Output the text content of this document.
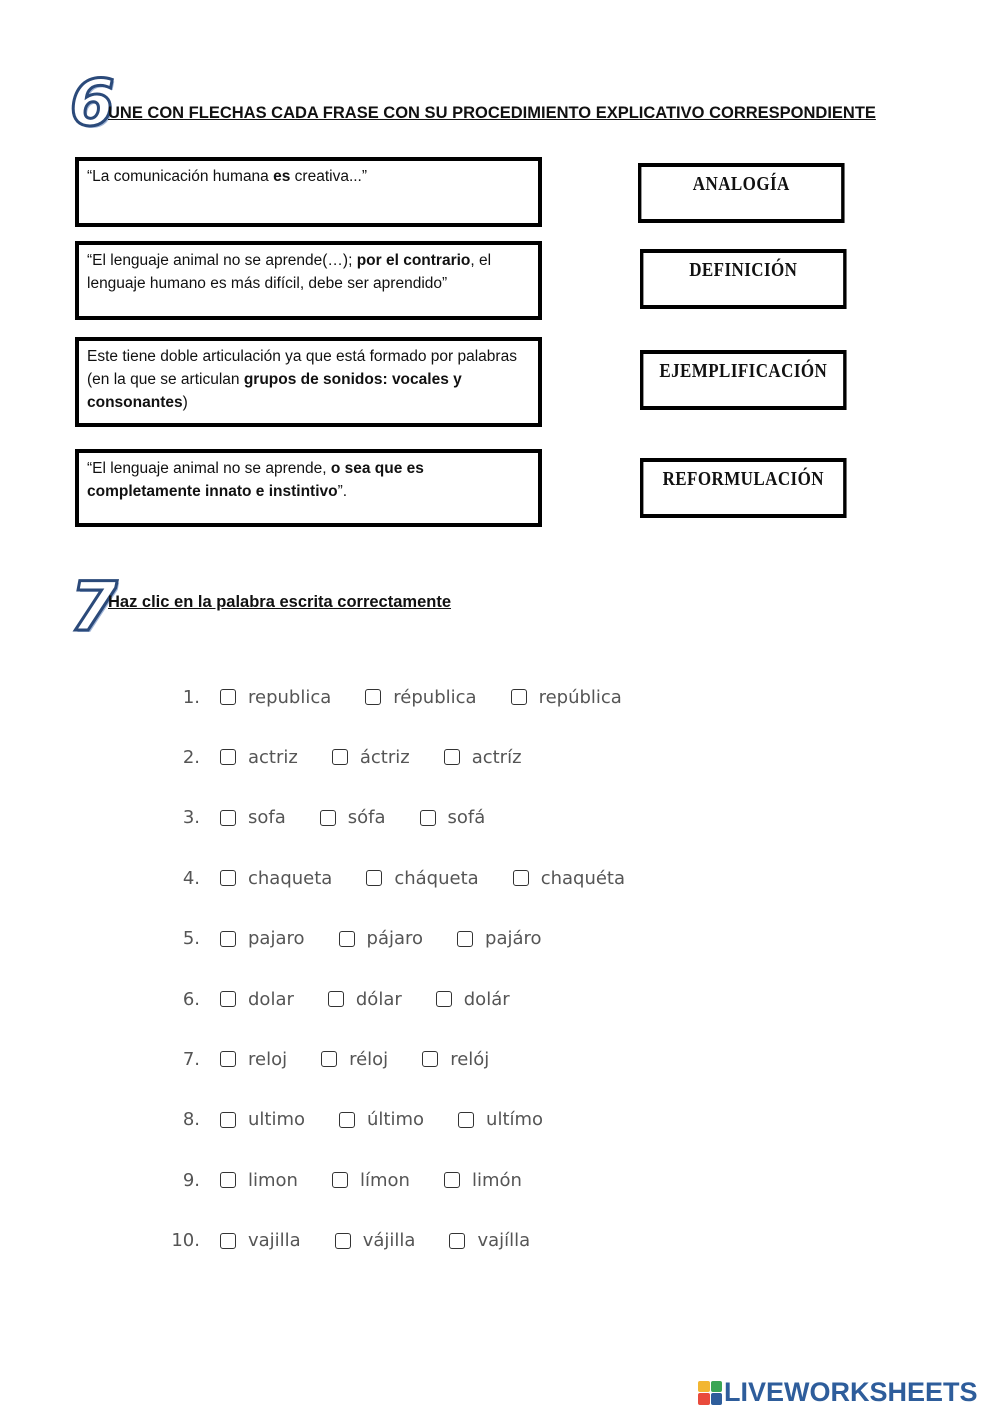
6
UNE CON FLECHAS CADA FRASE CON SU PROCEDIMIENTO EXPLICATIVO CORRESPONDIENTE
“La comunicación humana es creativa...”
“El lenguaje animal no se aprende(…); por el contrario, el lenguaje humano es más difícil, debe ser aprendido”
Este tiene doble articulación ya que está formado por palabras (en la que se articulan grupos de sonidos: vocales y consonantes)
“El lenguaje animal no se aprende, o sea que es completamente innato e instintivo”.
ANALOGÍA
DEFINICIÓN
EJEMPLIFICACIÓN
REFORMULACIÓN
7
Haz clic en la palabra escrita correctamente
1.	republica	républica	república
2.	actriz	áctriz	actríz
3.	sofa	sófa	sofá
4.	chaqueta	cháqueta	chaquéta
5.	pajaro	pájaro	pajáro
6.	dolar	dólar	dolár
7.	reloj	réloj	relój
8.	ultimo	último	ultímo
9.	limon	límon	limón
10.	vajilla	vájilla	vajílla
LIVEWORKSHEETS
